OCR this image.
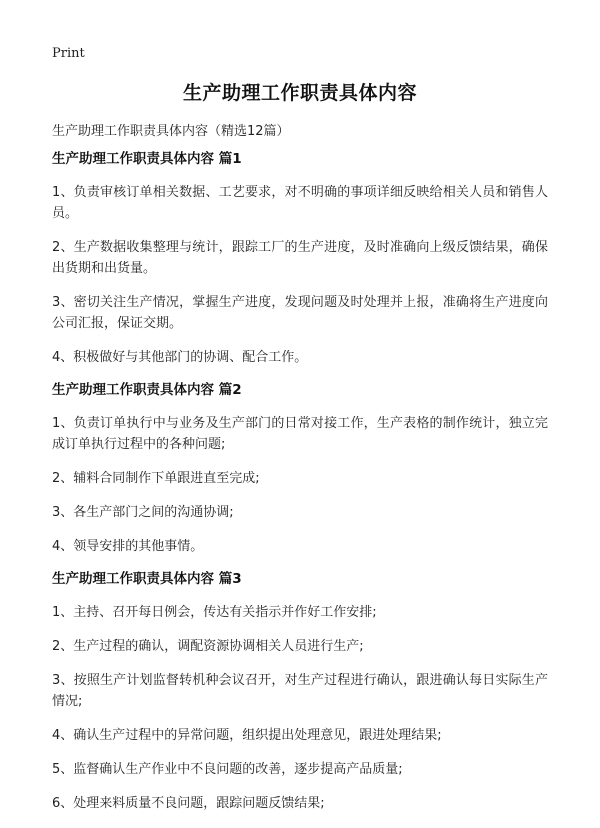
Print
生产助理工作职责具体内容
生产助理工作职责具体内容（精选12篇）
生产助理工作职责具体内容 篇1

1、负责审核订单相关数据、工艺要求，对不明确的事项详细反映给相关人员和销售人员。

2、生产数据收集整理与统计，跟踪工厂的生产进度，及时准确向上级反馈结果，确保出货期和出货量。

3、密切关注生产情况，掌握生产进度，发现问题及时处理并上报，准确将生产进度向公司汇报，保证交期。

4、积极做好与其他部门的协调、配合工作。

生产助理工作职责具体内容 篇2

1、负责订单执行中与业务及生产部门的日常对接工作，生产表格的制作统计，独立完成订单执行过程中的各种问题;

2、辅料合同制作下单跟进直至完成;

3、各生产部门之间的沟通协调;

4、领导安排的其他事情。

生产助理工作职责具体内容 篇3

1、主持、召开每日例会，传达有关指示并作好工作安排;

2、生产过程的确认，调配资源协调相关人员进行生产;

3、按照生产计划监督转机种会议召开，对生产过程进行确认，跟进确认每日实际生产情况;

4、确认生产过程中的异常问题，组织提出处理意见，跟进处理结果;

5、监督确认生产作业中不良问题的改善，逐步提高产品质量;

6、处理来料质量不良问题，跟踪问题反馈结果;
